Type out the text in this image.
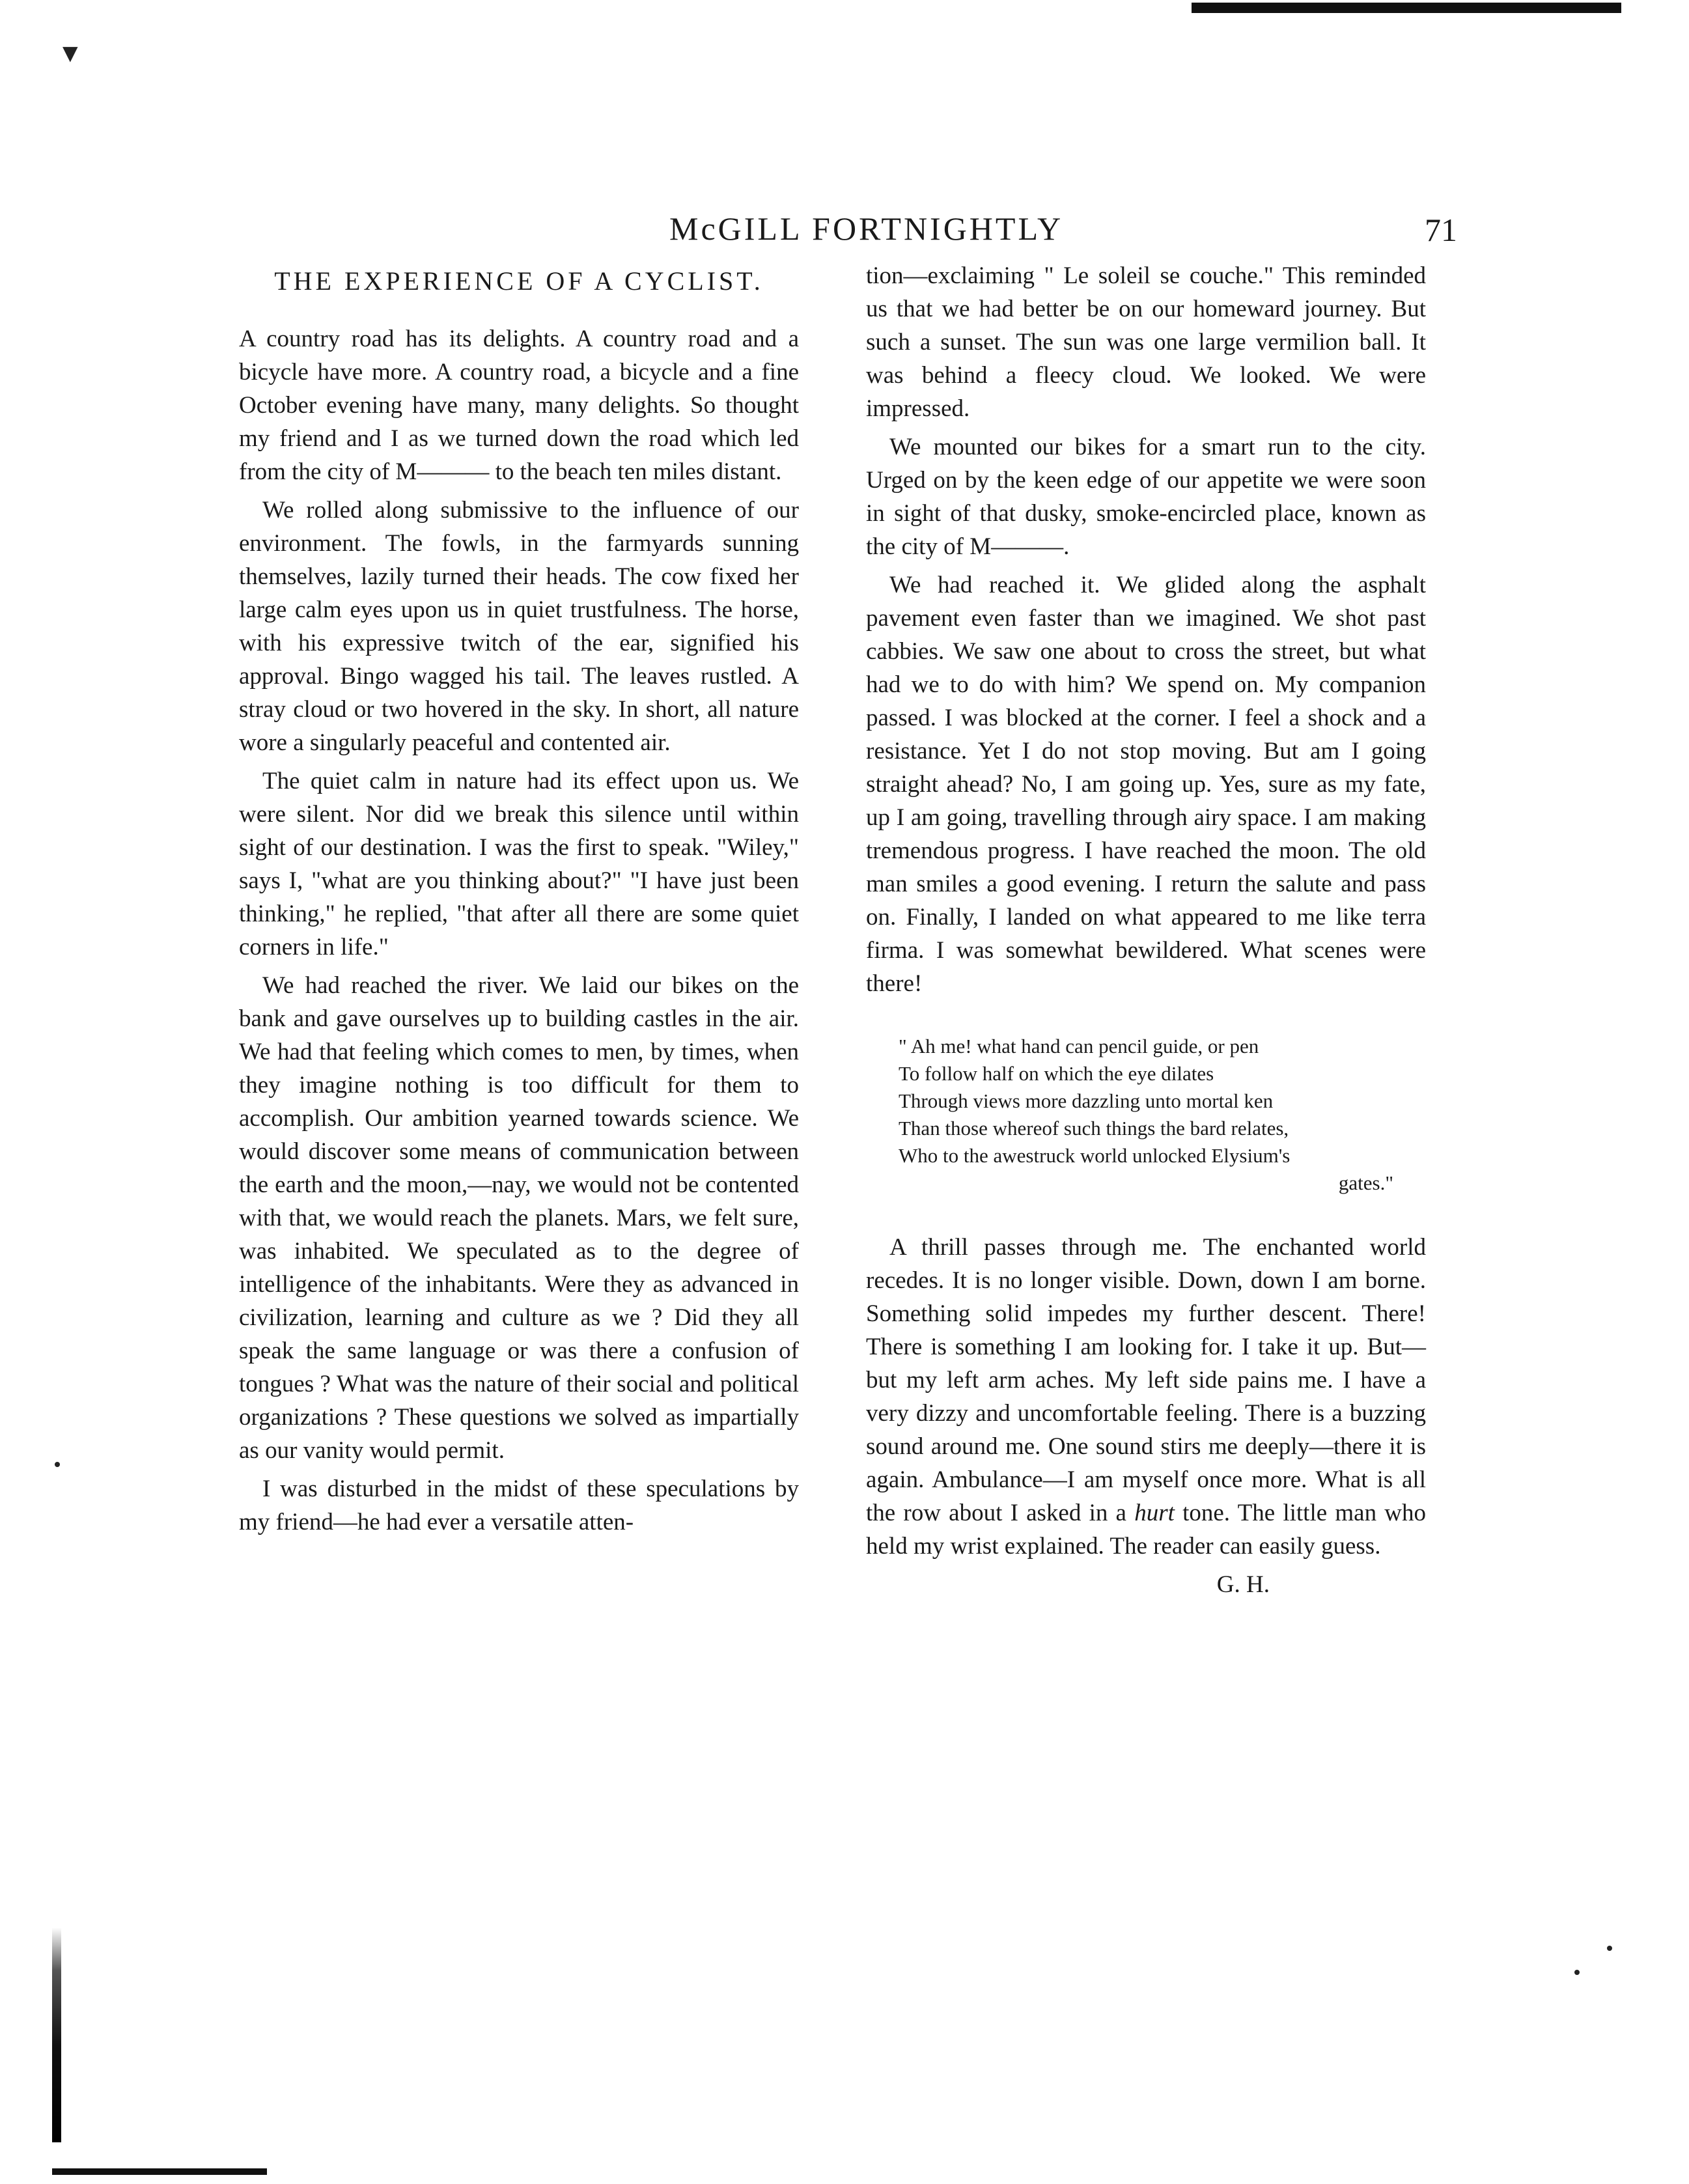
▼
McGILL FORTNIGHTLY	71
THE EXPERIENCE OF A CYCLIST.

A country road has its delights. A country road and a bicycle have more. A country road, a bicycle and a fine October evening have many, many delights. So thought my friend and I as we turned down the road which led from the city of M——— to the beach ten miles distant.

We rolled along submissive to the influence of our environment. The fowls, in the farmyards sunning themselves, lazily turned their heads. The cow fixed her large calm eyes upon us in quiet trustfulness. The horse, with his expressive twitch of the ear, signified his approval. Bingo wagged his tail. The leaves rustled. A stray cloud or two hovered in the sky. In short, all nature wore a singularly peaceful and contented air.

The quiet calm in nature had its effect upon us. We were silent. Nor did we break this silence until within sight of our destination. I was the first to speak. "Wiley," says I, "what are you thinking about?" "I have just been thinking," he replied, "that after all there are some quiet corners in life."

We had reached the river. We laid our bikes on the bank and gave ourselves up to building castles in the air. We had that feeling which comes to men, by times, when they imagine nothing is too difficult for them to accomplish. Our ambition yearned towards science. We would discover some means of communication between the earth and the moon,—nay, we would not be contented with that, we would reach the planets. Mars, we felt sure, was inhabited. We speculated as to the degree of intelligence of the inhabitants. Were they as advanced in civilization, learning and culture as we ? Did they all speak the same language or was there a confusion of tongues ? What was the nature of their social and political organizations ? These questions we solved as impartially as our vanity would permit.

I was disturbed in the midst of these speculations by my friend—he had ever a versatile atten-

tion—exclaiming " Le soleil se couche." This reminded us that we had better be on our homeward journey. But such a sunset. The sun was one large vermilion ball. It was behind a fleecy cloud. We looked. We were impressed.

We mounted our bikes for a smart run to the city. Urged on by the keen edge of our appetite we were soon in sight of that dusky, smoke-encircled place, known as the city of M———.

We had reached it. We glided along the asphalt pavement even faster than we imagined. We shot past cabbies. We saw one about to cross the street, but what had we to do with him? We spend on. My companion passed. I was blocked at the corner. I feel a shock and a resistance. Yet I do not stop moving. But am I going straight ahead? No, I am going up. Yes, sure as my fate, up I am going, travelling through airy space. I am making tremendous progress. I have reached the moon. The old man smiles a good evening. I return the salute and pass on. Finally, I landed on what appeared to me like terra firma. I was somewhat bewildered. What scenes were there!

" Ah me! what hand can pencil guide, or pen
To follow half on which the eye dilates
Through views more dazzling unto mortal ken
Than those whereof such things the bard relates,
Who to the awestruck world unlocked Elysium's
gates."

A thrill passes through me. The enchanted world recedes. It is no longer visible. Down, down I am borne. Something solid impedes my further descent. There! There is something I am looking for. I take it up. But—but my left arm aches. My left side pains me. I have a very dizzy and uncomfortable feeling. There is a buzzing sound around me. One sound stirs me deeply—there it is again. Ambulance—I am myself once more. What is all the row about I asked in a hurt tone. The little man who held my wrist explained. The reader can easily guess.

G. H.
